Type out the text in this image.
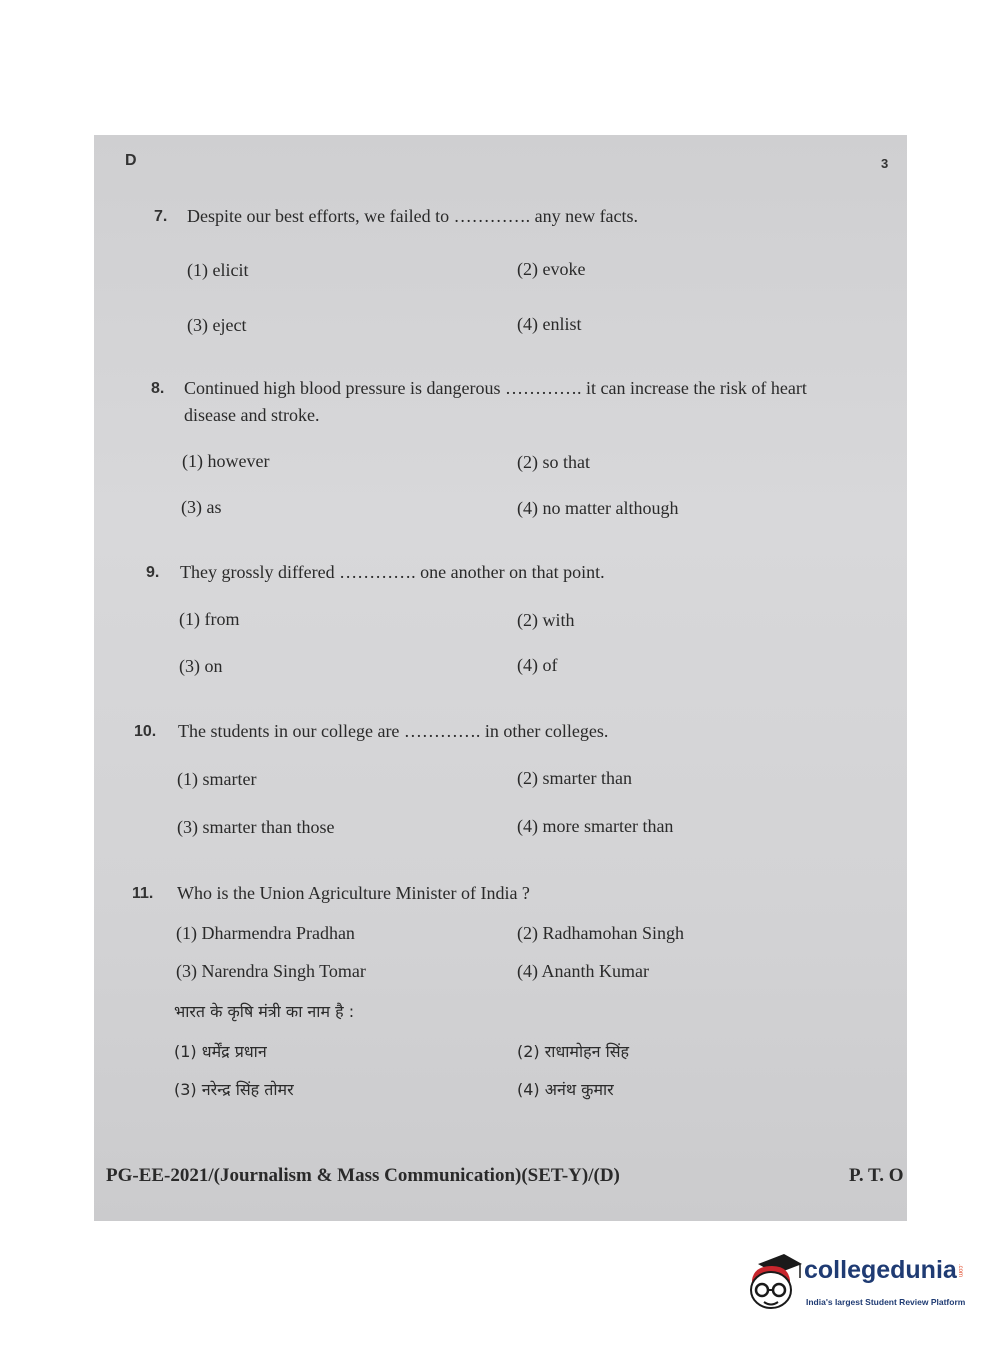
D	3
7. Despite our best efforts, we failed to …………. any new facts.
(1) elicit	(2) evoke
(3) eject	(4) enlist
8. Continued high blood pressure is dangerous …………. it can increase the risk of heart
disease and stroke.
(1) however	(2) so that
(3) as	(4) no matter although
9. They grossly differed …………. one another on that point.
(1) from	(2) with
(3) on	(4) of
10. The students in our college are …………. in other colleges.
(1) smarter	(2) smarter than
(3) smarter than those	(4) more smarter than
11. Who is the Union Agriculture Minister of India ?
(1) Dharmendra Pradhan	(2) Radhamohan Singh
(3) Narendra Singh Tomar	(4) Ananth Kumar
भारत के कृषि मंत्री का नाम है :
(1) धर्मेंद्र प्रधान	(2) राधामोहन सिंह
(3) नरेन्द्र सिंह तोमर	(4) अनंथ कुमार
PG-EE-2021/(Journalism & Mass Communication)(SET-Y)/(D)	P. T. O
collegedunia .com
India's largest Student Review Platform
